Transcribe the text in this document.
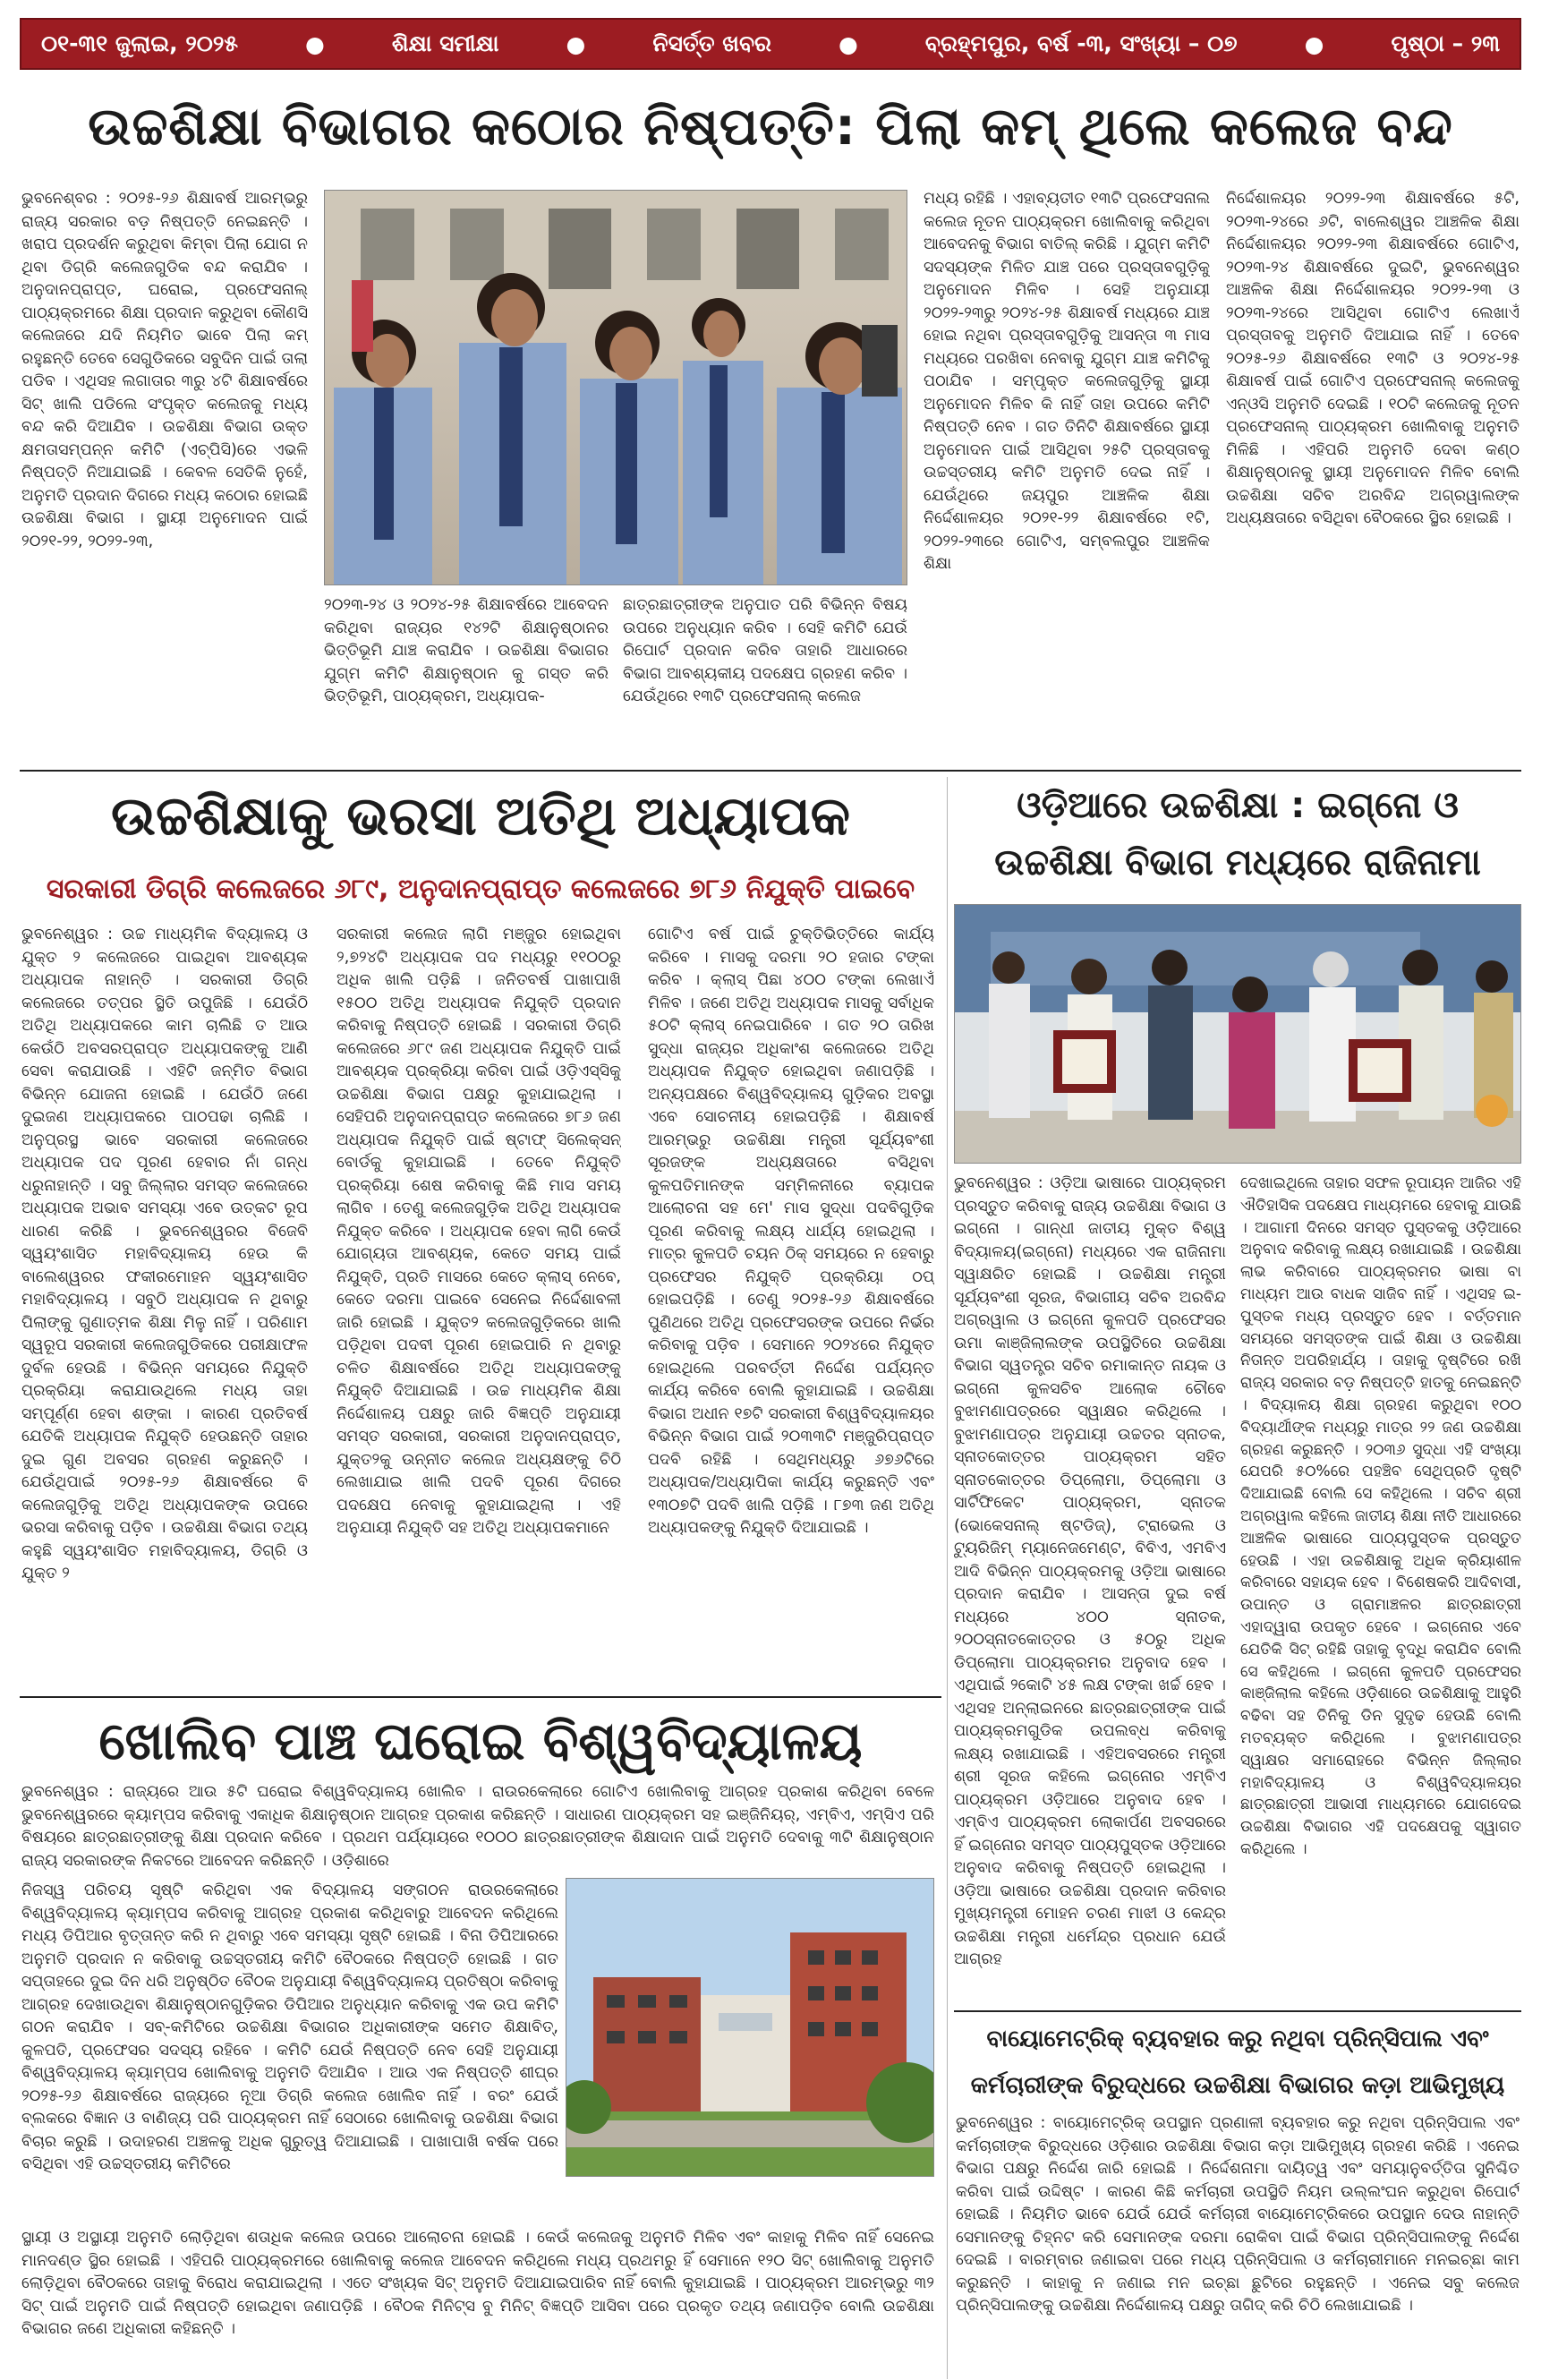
୦୧-୩୧ ଜୁଲାଇ, ୨୦୨୫	●	ଶିକ୍ଷା ସମୀକ୍ଷା	●	ନିସର୍ତ୍ତ ଖବର	●	ବ୍ରହ୍ମପୁର, ବର୍ଷ -୩, ସଂଖ୍ୟା – ୦୭	●	ପୃଷ୍ଠା – ୨୩
ଉଚ୍ଚଶିକ୍ଷା ବିଭାଗର କଠୋର ନିଷ୍ପତ୍ତି: ପିଲା କମ୍ ଥିଲେ କଲେଜ ବନ୍ଦ
ଭୁବନେଶ୍ବର : ୨୦୨୫-୨୬ ଶିକ୍ଷାବର୍ଷ ଆରମ୍ଭରୁ ରାଜ୍ୟ ସରକାର ବଡ଼ ନିଷ୍ପତ୍ତି ନେଇଛନ୍ତି । ଖରାପ ପ୍ରଦର୍ଶନ କରୁଥିବା କିମ୍ବା ପିଲା ଯୋଗ ନ ଥିବା ଡିଗ୍ରି କଲେଜଗୁଡିକ ବନ୍ଦ କରାଯିବ । ଅନୁଦାନପ୍ରାପ୍ତ, ଘରୋଇ, ପ୍ରଫେସନାଲ୍ ପାଠ୍ୟକ୍ରମରେ ଶିକ୍ଷା ପ୍ରଦାନ କରୁଥିବା କୌଣସି କଲେଜରେ ଯଦି ନିୟମିତ ଭାବେ ପିଲା କମ୍ ରହୁଛନ୍ତି ତେବେ ସେଗୁଡିକରେ ସବୁଦିନ ପାଇଁ ତାଲା ପଡିବ । ଏଥିସହ ଲଗାତାର ୩ରୁ ୪ଟି ଶିକ୍ଷାବର୍ଷରେ ସିଟ୍ ଖାଲି ପଡିଲେ ସଂପୃକ୍ତ କଲେଜକୁ ମଧ୍ୟ ବନ୍ଦ କରି ଦିଆଯିବ । ଉଚ୍ଚଶିକ୍ଷା ବିଭାଗ ଉକ୍ତ କ୍ଷମତାସମ୍ପନ୍ନ କମିଟି (ଏଚ୍‌ପିସି)ରେ ଏଭଳି ନିଷ୍ପତ୍ତି ନିଆଯାଇଛି । କେବଳ ସେତିକି ନୁହେଁ, ଅନୁମତି ପ୍ରଦାନ ଦିଗରେ ମଧ୍ୟ କଠୋର ହୋଇଛି ଉଚ୍ଚଶିକ୍ଷା ବିଭାଗ । ସ୍ଥାୟୀ ଅନୁମୋଦନ ପାଇଁ ୨୦୨୧-୨୨, ୨୦୨୨-୨୩,
୨୦୨୩-୨୪ ଓ ୨୦୨୪-୨୫ ଶିକ୍ଷାବର୍ଷରେ ଆବେଦନ କରିଥିବା ରାଜ୍ୟର ୧୪୨ଟି ଶିକ୍ଷାନୁଷ୍ଠାନର ଭିତ୍ତିଭୂମି ଯାଞ୍ଚ କରାଯିବ । ଉଚ୍ଚଶିକ୍ଷା ବିଭାଗର ଯୁଗ୍ମ କମିଟି ଶିକ୍ଷାନୁଷ୍ଠାନ କୁ ଗସ୍ତ କରି ଭିତ୍ତିଭୂମି, ପାଠ୍ୟକ୍ରମ, ଅଧ୍ୟାପକ-
ଛାତ୍ରଛାତ୍ରୀଙ୍କ ଅନୁପାତ ପରି ବିଭିନ୍ନ ବିଷୟ ଉପରେ ଅନୁଧ୍ୟାନ କରିବ । ସେହି କମିଟି ଯେଉଁ ରିପୋର୍ଟ ପ୍ରଦାନ କରିବ ତାହାରି ଆଧାରରେ ବିଭାଗ ଆବଶ୍ୟକୀୟ ପଦକ୍ଷେପ ଗ୍ରହଣ କରିବ । ଯେଉଁଥିରେ ୧୩ଟି ପ୍ରଫେସନାଲ୍ କଲେଜ
ମଧ୍ୟ ରହିଛି । ଏହାବ୍ୟତୀତ ୧୩ଟି ପ୍ରଫେସନାଲ କଲେଜ ନୂତନ ପାଠ୍ୟକ୍ରମ ଖୋଲିବାକୁ କରିଥିବା ଆବେଦନକୁ ବିଭାଗ ବାତିଲ୍ କରିଛି । ଯୁଗ୍ମ କମିଟି ସଦସ୍ୟଙ୍କ ମିଳିତ ଯାଞ୍ଚ ପରେ ପ୍ରସ୍ତାବଗୁଡ଼ିକୁ ଅନୁମୋଦନ ମିଳିବ । ସେହି ଅନୁଯାୟୀ ୨୦୨୨-୨୩ରୁ ୨୦୨୪-୨୫ ଶିକ୍ଷାବର୍ଷ ମଧ୍ୟରେ ଯାଞ୍ଚ ହୋଇ ନଥିବା ପ୍ରସ୍ତାବଗୁଡ଼ିକୁ ଆସନ୍ତା ୩ ମାସ ମଧ୍ୟରେ ପରଖିବା ନେବାକୁ ଯୁଗ୍ମ ଯାଞ୍ଚ କମିଟିକୁ ପଠାଯିବ । ସମ୍ପୃକ୍ତ କଲେଜଗୁଡ଼ିକୁ ସ୍ଥାୟୀ ଅନୁମୋଦନ ମିଳିବ କି ନାହିଁ ତାହା ଉପରେ କମିଟି ନିଷ୍ପତ୍ତି ନେବ । ଗତ ତିନିଟି ଶିକ୍ଷାବର୍ଷରେ ସ୍ଥାୟୀ ଅନୁମୋଦନ ପାଇଁ ଆସିଥିବା ୨୫ଟି ପ୍ରସ୍ତାବକୁ ଉଚ୍ଚସ୍ତରୀୟ କମିଟି ଅନୁମତି ଦେଇ ନାହିଁ । ଯେଉଁଥିରେ ଜୟପୁର ଆଞ୍ଚଳିକ ଶିକ୍ଷା ନିର୍ଦ୍ଦେଶାଳୟର ୨୦୨୧-୨୨ ଶିକ୍ଷାବର୍ଷରେ ୧ଟି, ୨୦୨୨-୨୩ରେ ଗୋଟିଏ, ସମ୍ବଲପୁର ଆଞ୍ଚଳିକ ଶିକ୍ଷା
ନିର୍ଦ୍ଦେଶାଳୟର ୨୦୨୨-୨୩ ଶିକ୍ଷାବର୍ଷରେ ୫ଟି, ୨୦୨୩-୨୪ରେ ୬ଟି, ବାଲେଶ୍ୱର ଆଞ୍ଚଳିକ ଶିକ୍ଷା ନିର୍ଦ୍ଦେଶାଳୟର ୨୦୨୨-୨୩ ଶିକ୍ଷାବର୍ଷରେ ଗୋଟିଏ, ୨୦୨୩-୨୪ ଶିକ୍ଷାବର୍ଷରେ ଦୁଇଟି, ଭୁବନେଶ୍ୱର ଆଞ୍ଚଳିକ ଶିକ୍ଷା ନିର୍ଦ୍ଦେଶାଳୟର ୨୦୨୨-୨୩ ଓ ୨୦୨୩-୨୪ରେ ଆସିଥିବା ଗୋଟିଏ ଲେଖାଏଁ ପ୍ରସ୍ତାବକୁ ଅନୁମତି ଦିଆଯାଇ ନାହିଁ । ତେବେ ୨୦୨୫-୨୬ ଶିକ୍ଷାବର୍ଷରେ ୧୩ଟି ଓ ୨୦୨୪-୨୫ ଶିକ୍ଷାବର୍ଷ ପାଇଁ ଗୋଟିଏ ପ୍ରଫେସନାଲ୍ କଲେଜକୁ ଏନ୍‌ଓସି ଅନୁମତି ଦେଇଛି । ୧୦ଟି କଲେଜକୁ ନୂତନ ପ୍ରଫେସନାଲ୍ ପାଠ୍ୟକ୍ରମ ଖୋଲିବାକୁ ଅନୁମତି ମିଳିଛି । ଏହିପରି ଅନୁମତି ଦେବା କଣ୍ଠ ଶିକ୍ଷାନୁଷ୍ଠାନକୁ ସ୍ଥାୟୀ ଅନୁମୋଦନ ମିଳିବ ବୋଲି ଉଚ୍ଚଶିକ୍ଷା ସଚିବ ଅରବିନ୍ଦ ଅଗ୍ରୱାଲଙ୍କ ଅଧ୍ୟକ୍ଷତାରେ ବସିଥିବା ବୈଠକରେ ସ୍ଥିର ହୋଇଛି ।
ଉଚ୍ଚଶିକ୍ଷାକୁ ଭରସା ଅତିଥି ଅଧ୍ୟାପକ
ସରକାରୀ ଡିଗ୍ରି କଲେଜରେ ୬୮୯, ଅନୁଦାନପ୍ରାପ୍ତ କଲେଜରେ ୭୮୬ ନିଯୁକ୍ତି ପାଇବେ
ଭୁବନେଶ୍ୱର : ଉଚ୍ଚ ମାଧ୍ୟମିକ ବିଦ୍ୟାଳୟ ଓ ଯୁକ୍ତ ୨ କଲେଜରେ ପାଇଥିବା ଆବଶ୍ୟକ ଅଧ୍ୟାପକ ନାହାନ୍ତି । ସରକାରୀ ଡିଗ୍ରି କଲେଜରେ ତତ୍ପର ସ୍ଥିତି ଉପୁଜିଛି । ଯେଉଁଠି ଅତିଥି ଅଧ୍ୟାପକରେ କାମ ଚାଲିଛି ତ ଆଉ କେଉଁଠି ଅବସରପ୍ରାପ୍ତ ଅଧ୍ୟାପକଙ୍କୁ ଆଣି ସେବା କରାଯାଉଛି । ଏହିଟି ଜନ୍ମିତ ବିଭାଗ ବିଭିନ୍ନ ଯୋଜନା ହୋଇଛି । ଯେଉଁଠି ଜଣେ ଦୁଇଜଣ ଅଧ୍ୟାପକରେ ପାଠପଢା ଚାଲିଛି । ଅନୁପ୍ରସ୍ଥ ଭାବେ ସରକାରୀ କଲେଜରେ ଅଧ୍ୟାପକ ପଦ ପୂରଣ ହେବାର ନାଁ ଗନ୍ଧ ଧରୁନାହାନ୍ତି । ସବୁ ଜିଲ୍ଲାର ସମସ୍ତ କଲେଜରେ ଅଧ୍ୟାପକ ଅଭାବ ସମସ୍ୟା ଏବେ ଉତ୍କଟ ରୂପ ଧାରଣ କରିଛି । ଭୁବନେଶ୍ୱରର ବିଜେବି ସ୍ୱୟଂଶାସିତ ମହାବିଦ୍ୟାଳୟ ହେଉ କି ବାଲେଶ୍ୱରର ଫକୀରମୋହନ ସ୍ୱୟଂଶାସିତ ମହାବିଦ୍ୟାଳୟ । ସବୁଠି ଅଧ୍ୟାପକ ନ ଥିବାରୁ ପିଲାଙ୍କୁ ଗୁଣାତ୍ମକ ଶିକ୍ଷା ମିଳୁ ନାହିଁ । ପରିଣାମ ସ୍ୱରୂପ ସରକାରୀ କଲେଜଗୁଡିକରେ ପରୀକ୍ଷାଫଳ ଦୁର୍ବଳ ହେଉଛି । ବିଭିନ୍ନ ସମୟରେ ନିଯୁକ୍ତି ପ୍ରକ୍ରିୟା କରାଯାଉଥିଲେ ମଧ୍ୟ ତାହା ସମ୍ପୂର୍ଣ୍ଣ ହେବା ଶଙ୍କା । କାରଣ ପ୍ରତିବର୍ଷ ଯେତିକି ଅଧ୍ୟାପକ ନିଯୁକ୍ତି ହେଉଛନ୍ତି ତାହାର ଦୁଇ ଗୁଣ ଅବସର ଗ୍ରହଣ କରୁଛନ୍ତି । ଯେଉଁଥିପାଇଁ ୨୦୨୫-୨୬ ଶିକ୍ଷାବର୍ଷରେ ବି କଲେଜଗୁଡ଼ିକୁ ଅତିଥି ଅଧ୍ୟାପକଙ୍କ ଉପରେ ଭରସା କରିବାକୁ ପଡ଼ିବ । ଉଚ୍ଚଶିକ୍ଷା ବିଭାଗ ତଥ୍ୟ କହୁଛି ସ୍ୱୟଂଶାସିତ ମହାବିଦ୍ୟାଳୟ, ଡିଗ୍ରି ଓ ଯୁକ୍ତ ୨
ସରକାରୀ କଲେଜ ଲାଗି ମଞ୍ଜୁର ହୋଇଥିବା ୨,୭୨୪ଟି ଅଧ୍ୟାପକ ପଦ ମଧ୍ୟରୁ ୧୧୦୦ରୁ ଅଧିକ ଖାଲି ପଡ଼ିଛି । ଜନିତବର୍ଷ ପାଖାପାଖି ୧୫୦୦ ଅତିଥି ଅଧ୍ୟାପକ ନିଯୁକ୍ତି ପ୍ରଦାନ କରିବାକୁ ନିଷ୍ପତ୍ତି ହୋଇଛି । ସରକାରୀ ଡିଗ୍ରି କଲେଜରେ ୬୮୯ ଜଣ ଅଧ୍ୟାପକ ନିଯୁକ୍ତି ପାଇଁ ଆବଶ୍ୟକ ପ୍ରକ୍ରିୟା କରିବା ପାଇଁ ଓଡ଼ିଏସ୍‌ସିକୁ ଉଚ୍ଚଶିକ୍ଷା ବିଭାଗ ପକ୍ଷରୁ କୁହାଯାଇଥିଲା । ସେହିପରି ଅନୁଦାନପ୍ରାପ୍ତ କଲେଜରେ ୭୮୬ ଜଣ ଅଧ୍ୟାପକ ନିଯୁକ୍ତି ପାଇଁ ଷ୍ଟାଫ୍ ସିଲେକ୍ସନ୍ ବୋର୍ଡକୁ କୁହାଯାଇଛି । ତେବେ ନିଯୁକ୍ତି ପ୍ରକ୍ରିୟା ଶେଷ କରିବାକୁ କିଛି ମାସ ସମୟ ଲାଗିବ । ତେଣୁ କଲେଜଗୁଡ଼ିକ ଅତିଥି ଅଧ୍ୟାପକ ନିଯୁକ୍ତ କରିବେ । ଅଧ୍ୟାପକ ହେବା ଲାଗି କେଉଁ ଯୋଗ୍ୟତା ଆବଶ୍ୟକ, କେତେ ସମୟ ପାଇଁ ନିଯୁକ୍ତି, ପ୍ରତି ମାସରେ କେତେ କ୍ଲାସ୍ ନେବେ, କେତେ ଦରମା ପାଇବେ ସେନେଇ ନିର୍ଦ୍ଦେଶାବଳୀ ଜାରି ହୋଇଛି । ଯୁକ୍ତ୨ କଲେଜଗୁଡ଼ିକରେ ଖାଲି ପଡ଼ିଥିବା ପଦବୀ ପୂରଣ ହୋଇପାରି ନ ଥିବାରୁ ଚଳିତ ଶିକ୍ଷାବର୍ଷରେ ଅତିଥି ଅଧ୍ୟାପକଙ୍କୁ ନିଯୁକ୍ତି ଦିଆଯାଇଛି । ଉଚ୍ଚ ମାଧ୍ୟମିକ ଶିକ୍ଷା ନିର୍ଦ୍ଦେଶାଳୟ ପକ୍ଷରୁ ଜାରି ବିଜ୍ଞପ୍ତି ଅନୁଯାୟୀ ସମସ୍ତ ସରକାରୀ, ସରକାରୀ ଅନୁଦାନପ୍ରାପ୍ତ, ଯୁକ୍ତ୨କୁ ଉନ୍ନୀତ କଲେଜ ଅଧ୍ୟକ୍ଷଙ୍କୁ ଚିଠି ଲେଖାଯାଇ ଖାଲି ପଦବି ପୂରଣ ଦିଗରେ ପଦକ୍ଷେପ ନେବାକୁ କୁହାଯାଇଥିଲା । ଏହି ଅନୁଯାୟୀ ନିଯୁକ୍ତି ସହ ଅତିଥି ଅଧ୍ୟାପକମାନେ
ଗୋଟିଏ ବର୍ଷ ପାଇଁ ଚୁକ୍ତିଭିତ୍ତିରେ କାର୍ଯ୍ୟ କରିବେ । ମାସକୁ ଦରମା ୨୦ ହଜାର ଟଙ୍କା କରିବ । କ୍ଲାସ୍ ପିଛା ୪୦୦ ଟଙ୍କା ଲେଖାଏଁ ମିଳିବ । ଜଣେ ଅତିଥି ଅଧ୍ୟାପକ ମାସକୁ ସର୍ବାଧିକ ୫୦ଟି କ୍ଲାସ୍ ନେଇପାରିବେ । ଗତ ୨୦ ତାରିଖ ସୁଦ୍ଧା ରାଜ୍ୟର ଅଧିକାଂଶ କଲେଜରେ ଅତିଥି ଅଧ୍ୟାପକ ନିଯୁକ୍ତ ହୋଇଥିବା ଜଣାପଡ଼ିଛି । ଅନ୍ୟପକ୍ଷରେ ବିଶ୍ୱବିଦ୍ୟାଳୟ ଗୁଡ଼ିକର ଅବସ୍ଥା ଏବେ ସୋଚନୀୟ ହୋଇପଡ଼ିଛି । ଶିକ୍ଷାବର୍ଷ ଆରମ୍ଭରୁ ଉଚ୍ଚଶିକ୍ଷା ମନ୍ତ୍ରୀ ସୂର୍ଯ୍ୟବଂଶୀ ସୂରଜଙ୍କ ଅଧ୍ୟକ୍ଷତାରେ ବସିଥିବା କୁଳପତିମାନଙ୍କ ସମ୍ମିଳନୀରେ ବ୍ୟାପକ ଆଲୋଚନା ସହ ମେ' ମାସ ସୁଦ୍ଧା ପଦବିଗୁଡ଼ିକ ପୂରଣ କରିବାକୁ ଲକ୍ଷ୍ୟ ଧାର୍ଯ୍ୟ ହୋଇଥିଲା । ମାତ୍ର କୁଳପତି ଚୟନ ଠିକ୍ ସମୟରେ ନ ହେବାରୁ ପ୍ରଫେସର ନିଯୁକ୍ତି ପ୍ରକ୍ରିୟା ଠପ୍ ହୋଇପଡ଼ିଛି । ତେଣୁ ୨୦୨୫-୨୬ ଶିକ୍ଷାବର୍ଷରେ ପୁଣିଥରେ ଅତିଥି ପ୍ରଫେସରଙ୍କ ଉପରେ ନିର୍ଭର କରିବାକୁ ପଡ଼ିବ । ସେମାନେ ୨୦୨୪ରେ ନିଯୁକ୍ତ ହୋଇଥିଲେ ପରବର୍ତ୍ତୀ ନିର୍ଦ୍ଦେଶ ପର୍ଯ୍ୟନ୍ତ କାର୍ଯ୍ୟ କରିବେ ବୋଲି କୁହାଯାଇଛି । ଉଚ୍ଚଶିକ୍ଷା ବିଭାଗ ଅଧୀନ ୧୭ଟି ସରକାରୀ ବିଶ୍ୱବିଦ୍ୟାଳୟର ବିଭିନ୍ନ ବିଭାଗ ପାଇଁ ୨୦୩୩ଟି ମଞ୍ଜୁରିପ୍ରାପ୍ତ ପଦବି ରହିଛି । ସେଥିମଧ୍ୟରୁ ୬୭୬ଟିରେ ଅଧ୍ୟାପକ/ଅଧ୍ୟାପିକା କାର୍ଯ୍ୟ କରୁଛନ୍ତି ଏବଂ ୧୩୦୭ଟି ପଦବି ଖାଲି ପଡ଼ିଛି । ୮୭୩ ଜଣ ଅତିଥି ଅଧ୍ୟାପକଙ୍କୁ ନିଯୁକ୍ତି ଦିଆଯାଇଛି ।
ଓଡ଼ିଆରେ ଉଚ୍ଚଶିକ୍ଷା : ଇଗ୍ନୋ ଓ
ଉଚ୍ଚଶିକ୍ଷା ବିଭାଗ ମଧ୍ୟରେ ରାଜିନାମା
ଭୁବନେଶ୍ୱର : ଓଡ଼ିଆ ଭାଷାରେ ପାଠ୍ୟକ୍ରମ ପ୍ରସ୍ତୁତ କରିବାକୁ ରାଜ୍ୟ ଉଚ୍ଚଶିକ୍ଷା ବିଭାଗ ଓ ଇଗ୍ନୋ । ଗାନ୍ଧୀ ଜାତୀୟ ମୁକ୍ତ ବିଶ୍ୱ ବିଦ୍ୟାଳୟ(ଇଗ୍ନୋ) ମଧ୍ୟରେ ଏକ ରାଜିନାମା ସ୍ୱାକ୍ଷରିତ ହୋଇଛି । ଉଚ୍ଚଶିକ୍ଷା ମନ୍ତ୍ରୀ ସୂର୍ଯ୍ୟବଂଶୀ ସୂରଜ, ବିଭାଗୀୟ ସଚିବ ଅରବିନ୍ଦ ଅଗ୍ରୱାଲ ଓ ଇଗ୍ନୋ କୁଳପତି ପ୍ରଫେସର ଉମା କାଞ୍ଜିଲାଲଙ୍କ ଉପସ୍ଥିତିରେ ଉଚ୍ଚଶିକ୍ଷା ବିଭାଗ ସ୍ୱତନ୍ତ୍ର ସଚିବ ରମାକାନ୍ତ ନାୟକ ଓ ଇଗ୍ନୋ କୁଳସଚିବ ଆଲୋକ ଚୌବେ ବୁଝାମଣାପତ୍ରରେ ସ୍ୱାକ୍ଷର କରିଥିଲେ । ବୁଝାମଣାପତ୍ର ଅନୁଯାୟୀ ଉଚ୍ଚତର ସ୍ନାତକ, ସ୍ନାତକୋତ୍ତର ପାଠ୍ୟକ୍ରମ ସହିତ ସ୍ନାତକୋତ୍ତର ଡିପ୍ଲୋମା, ଡିପ୍ଲୋମା ଓ ସାର୍ଟିଫିକେଟ ପାଠ୍ୟକ୍ରମ, ସ୍ନାତକ (ଭୋକେସନାଲ୍ ଷ୍ଟଡିଜ୍), ଟ୍ରାଭେଲ ଓ ଟ୍ୟୁରିଜିମ୍ ମ୍ୟାନେଜମେଣ୍ଟ, ବିବିଏ, ଏମବିଏ ଆଦି ବିଭିନ୍ନ ପାଠ୍ୟକ୍ରମକୁ ଓଡ଼ିଆ ଭାଷାରେ ପ୍ରଦାନ କରାଯିବ । ଆସନ୍ତା ଦୁଇ ବର୍ଷ ମଧ୍ୟରେ ୪୦୦ ସ୍ନାତକ, ୨୦୦ସ୍ନାତକୋତ୍ତର ଓ ୫୦ରୁ ଅଧିକ ଡିପ୍ଲୋମା ପାଠ୍ୟକ୍ରମର ଅନୁବାଦ ହେବ । ଏଥିପାଇଁ ୨କୋଟି ୪୫ ଲକ୍ଷ ଟଙ୍କା ଖର୍ଚ୍ଚ ହେବ । ଏଥିସହ ଅନ୍‌ଲାଇନରେ ଛାତ୍ରଛାତ୍ରୀଙ୍କ ପାଇଁ ପାଠ୍ୟକ୍ରମଗୁଡିକ ଉପଲବ୍ଧ କରିବାକୁ ଲକ୍ଷ୍ୟ ରଖାଯାଇଛି । ଏହିଅବସରରେ ମନ୍ତ୍ରୀ ଶ୍ରୀ ସୂରଜ କହିଲେ ଇଗ୍ନୋର ଏମ୍‌ବିଏ ପାଠ୍ୟକ୍ରମ ଓଡ଼ିଆରେ ଅନୁବାଦ ହେବ । ଏମ୍‌ବିଏ ପାଠ୍ୟକ୍ରମ ଲୋକାର୍ପଣ ଅବସରରେ ହିଁ ଇଗ୍ନୋର ସମସ୍ତ ପାଠ୍ୟପୁସ୍ତକ ଓଡ଼ିଆରେ ଅନୁବାଦ କରିବାକୁ ନିଷ୍ପତ୍ତି ହୋଇଥିଲା । ଓଡ଼ିଆ ଭାଷାରେ ଉଚ୍ଚଶିକ୍ଷା ପ୍ରଦାନ କରିବାର ମୁଖ୍ୟମନ୍ତ୍ରୀ ମୋହନ ଚରଣ ମାଝୀ ଓ କେନ୍ଦ୍ର ଉଚ୍ଚଶିକ୍ଷା ମନ୍ତ୍ରୀ ଧର୍ମେନ୍ଦ୍ର ପ୍ରଧାନ ଯେଉଁ ଆଗ୍ରହ
ଦେଖାଇଥିଲେ ତାହାର ସଫଳ ରୂପାୟନ ଆଜିର ଏହି ଐତିହାସିକ ପଦକ୍ଷେପ ମାଧ୍ୟମରେ ହେବାକୁ ଯାଉଛି । ଆଗାମୀ ଦିନରେ ସମସ୍ତ ପୁସ୍ତକକୁ ଓଡ଼ିଆରେ ଅନୁବାଦ କରିବାକୁ ଲକ୍ଷ୍ୟ ରଖାଯାଇଛି । ଉଚ୍ଚଶିକ୍ଷା ଲାଭ କରିବାରେ ପାଠ୍ୟକ୍ରମର ଭାଷା ବା ମାଧ୍ୟମ ଆଉ ବାଧକ ସାଜିବ ନାହିଁ । ଏଥିସହ ଇ-ପୁସ୍ତକ ମଧ୍ୟ ପ୍ରସ୍ତୁତ ହେବ । ବର୍ତ୍ତମାନ ସମୟରେ ସମସ୍ତଙ୍କ ପାଇଁ ଶିକ୍ଷା ଓ ଉଚ୍ଚଶିକ୍ଷା ନିତାନ୍ତ ଅପରିହାର୍ଯ୍ୟ । ତାହାକୁ ଦୃଷ୍ଟିରେ ରଖି ରାଜ୍ୟ ସରକାର ବଡ଼ ନିଷ୍ପତ୍ତି ହାତକୁ ନେଇଛନ୍ତି । ବିଦ୍ୟାଳୟ ଶିକ୍ଷା ଗ୍ରହଣ କରୁଥିବା ୧୦୦ ବିଦ୍ୟାର୍ଥୀଙ୍କ ମଧ୍ୟରୁ ମାତ୍ର ୨୨ ଜଣ ଉଚ୍ଚଶିକ୍ଷା ଗ୍ରହଣ କରୁଛନ୍ତି । ୨୦୩୬ ସୁଦ୍ଧା ଏହି ସଂଖ୍ୟା ଯେପରି ୫୦%ରେ ପହଞ୍ଚିବ ସେଥିପ୍ରତି ଦୃଷ୍ଟି ଦିଆଯାଇଛି ବୋଲି ସେ କହିଥିଲେ । ସଚିବ ଶ୍ରୀ ଅଗ୍ରୱାଲ କହିଲେ ଜାତୀୟ ଶିକ୍ଷା ନୀତି ଆଧାରରେ ଆଞ୍ଚଳିକ ଭାଷାରେ ପାଠ୍ୟପୁସ୍ତକ ପ୍ରସ୍ତୁତ ହେଉଛି । ଏହା ଉଚ୍ଚଶିକ୍ଷାକୁ ଅଧିକ କ୍ରିୟାଶୀଳ କରିବାରେ ସହାୟକ ହେବ । ବିଶେଷକରି ଆଦିବାସୀ, ଉପାନ୍ତ ଓ ଗ୍ରାମାଞ୍ଚଳର ଛାତ୍ରଛାତ୍ରୀ ଏହାଦ୍ୱାରା ଉପକୃତ ହେବେ । ଇଗ୍ନୋର ଏବେ ଯେତିକି ସିଟ୍ ରହିଛି ତାହାକୁ ବୃଦ୍ଧି କରାଯିବ ବୋଲି ସେ କହିଥିଲେ । ଇଗ୍ନୋ କୁଳପତି ପ୍ରଫେସର କାଞ୍ଜିଲାଲ କହିଲେ ଓଡ଼ିଶାରେ ଉଚ୍ଚଶିକ୍ଷାକୁ ଆହୁରି ବଢିବା ସହ ତିନିକୁ ଡିନ ସୁଦୃଢ ହେଉଛି ବୋଲି ମତବ୍ୟକ୍ତ କରିଥିଲେ । ବୁଝାମଣାପତ୍ର ସ୍ୱାକ୍ଷର ସମାରୋହରେ ବିଭିନ୍ନ ଜିଲ୍ଲାର ମହାବିଦ୍ୟାଳୟ ଓ ବିଶ୍ୱବିଦ୍ୟାଳୟର ଛାତ୍ରଛାତ୍ରୀ ଆଭାସୀ ମାଧ୍ୟମରେ ଯୋଗଦେଇ ଉଚ୍ଚଶିକ୍ଷା ବିଭାଗର ଏହି ପଦକ୍ଷେପକୁ ସ୍ୱାଗତ କରିଥିଲେ ।
ଖୋଲିବ ପାଞ୍ଚ ଘରୋଇ ବିଶ୍ୱବିଦ୍ୟାଳୟ
ଭୁବନେଶ୍ୱର : ରାଜ୍ୟରେ ଆଉ ୫ଟି ଘରୋଇ ବିଶ୍ୱବିଦ୍ୟାଳୟ ଖୋଲିବ । ରାଉରକେଲାରେ ଗୋଟିଏ ଖୋଲିବାକୁ ଆଗ୍ରହ ପ୍ରକାଶ କରିଥିବା ବେଳେ ଭୁବନେଶ୍ୱରରେ କ୍ୟାମ୍ପସ କରିବାକୁ ଏକାଧିକ ଶିକ୍ଷାନୁଷ୍ଠାନ ଆଗ୍ରହ ପ୍ରକାଶ କରିଛନ୍ତି । ସାଧାରଣ ପାଠ୍ୟକ୍ରମ ସହ ଇଞ୍ଜିନିୟର୍, ଏମ୍‌ବିଏ, ଏମ୍‌ସିଏ ପରି ବିଷୟରେ ଛାତ୍ରଛାତ୍ରୀଙ୍କୁ ଶିକ୍ଷା ପ୍ରଦାନ କରିବେ । ପ୍ରଥମ ପର୍ଯ୍ୟାୟରେ ୧୦୦୦ ଛାତ୍ରଛାତ୍ରୀଙ୍କ ଶିକ୍ଷାଦାନ ପାଇଁ ଅନୁମତି ଦେବାକୁ ୩ଟି ଶିକ୍ଷାନୁଷ୍ଠାନ ରାଜ୍ୟ ସରକାରଙ୍କ ନିକଟରେ ଆବେଦନ କରିଛନ୍ତି । ଓଡ଼ିଶାରେ
ନିଜସ୍ୱ ପରିଚୟ ସୃଷ୍ଟି କରିଥିବା ଏକ ବିଦ୍ୟାଳୟ ସଙ୍ଗଠନ ରାଉରକେଲାରେ ବିଶ୍ୱବିଦ୍ୟାଳୟ କ୍ୟାମ୍ପସ କରିବାକୁ ଆଗ୍ରହ ପ୍ରକାଶ କରିଥିବାରୁ ଆବେଦନ କରିଥିଲେ ମଧ୍ୟ ଡିପିଆର ବୃତ୍ତାନ୍ତ କରି ନ ଥିବାରୁ ଏବେ ସମସ୍ୟା ସୃଷ୍ଟି ହୋଇଛି । ବିନା ଡିପିଆରରେ ଅନୁମତି ପ୍ରଦାନ ନ କରିବାକୁ ଉଚ୍ଚସ୍ତରୀୟ କମିଟି ବୈଠକରେ ନିଷ୍ପତ୍ତି ହୋଇଛି । ଗତ ସପ୍ତାହରେ ଦୁଇ ଦିନ ଧରି ଅନୁଷ୍ଠିତ ବୈଠକ ଅନୁଯାୟୀ ବିଶ୍ୱବିଦ୍ୟାଳୟ ପ୍ରତିଷ୍ଠା କରିବାକୁ ଆଗ୍ରହ ଦେଖାଉଥିବା ଶିକ୍ଷାନୁଷ୍ଠାନଗୁଡ଼ିକର ଡିପିଆର ଅନୁଧ୍ୟାନ କରିବାକୁ ଏକ ଉପ କମିଟି ଗଠନ କରାଯିବ । ସବ୍-କମିଟିରେ ଉଚ୍ଚଶିକ୍ଷା ବିଭାଗର ଅଧିକାରୀଙ୍କ ସମେତ ଶିକ୍ଷାବିତ୍, କୁଳପତି, ପ୍ରଫେସର ସଦସ୍ୟ ରହିବେ । କମିଟି ଯେଉଁ ନିଷ୍ପତ୍ତି ନେବ ସେହି ଅନୁଯାୟୀ ବିଶ୍ୱବିଦ୍ୟାଳୟ କ୍ୟାମ୍ପସ ଖୋଲିବାକୁ ଅନୁମତି ଦିଆଯିବ । ଆଉ ଏକ ନିଷ୍ପତ୍ତି ଶୀଘ୍ର ୨୦୨୫-୨୬ ଶିକ୍ଷାବର୍ଷରେ ରାଜ୍ୟରେ ନୂଆ ଡିଗ୍ରି କଲେଜ ଖୋଲିବ ନାହିଁ । ବରଂ ଯେଉଁ ବ୍ଲକରେ ବିଜ୍ଞାନ ଓ ବାଣିଜ୍ୟ ପରି ପାଠ୍ୟକ୍ରମ ନାହିଁ ସେଠାରେ ଖୋଲିବାକୁ ଉଚ୍ଚଶିକ୍ଷା ବିଭାଗ ବିଚାର କରୁଛି । ଉଦାହରଣ ଅଞ୍ଚଳକୁ ଅଧିକ ଗୁରୁତ୍ୱ ଦିଆଯାଇଛି । ପାଖାପାଖି ବର୍ଷକ ପରେ ବସିଥିବା ଏହି ଉଚ୍ଚସ୍ତରୀୟ କମିଟିରେ
ସ୍ଥାୟୀ ଓ ଅସ୍ଥାୟୀ ଅନୁମତି ଲୋଡ଼ିଥିବା ଶତାଧିକ କଲେଜ ଉପରେ ଆଲୋଚନା ହୋଇଛି । କେଉଁ କଲେଜକୁ ଅନୁମତି ମିଳିବ ଏବଂ କାହାକୁ ମିଳିବ ନାହିଁ ସେନେଇ ମାନଦଣ୍ଡ ସ୍ଥିର ହୋଇଛି । ଏହିପରି ପାଠ୍ୟକ୍ରମରେ ଖୋଲିବାକୁ କଲେଜ ଆବେଦନ କରିଥିଲେ ମଧ୍ୟ ପ୍ରଥମରୁ ହିଁ ସେମାନେ ୧୨୦ ସିଟ୍ ଖୋଲିବାକୁ ଅନୁମତି ଲୋଡ଼ିଥିବା ବୈଠକରେ ତାହାକୁ ବିରୋଧ କରାଯାଇଥିଲା । ଏତେ ସଂଖ୍ୟକ ସିଟ୍ ଅନୁମତି ଦିଆଯାଇପାରିବ ନାହିଁ ବୋଲି କୁହାଯାଇଛି । ପାଠ୍ୟକ୍ରମ ଆରମ୍ଭରୁ ୩୨ ସିଟ୍ ପାଇଁ ଅନୁମତି ପାଇଁ ନିଷ୍ପତ୍ତି ହୋଇଥିବା ଜଣାପଡ଼ିଛି । ବୈଠକ ମିନିଟ୍ସ ବୁ ମିନିଟ୍ ବିଜ୍ଞପ୍ତି ଆସିବା ପରେ ପ୍ରକୃତ ତଥ୍ୟ ଜଣାପଡ଼ିବ ବୋଲି ଉଚ୍ଚଶିକ୍ଷା ବିଭାଗର ଜଣେ ଅଧିକାରୀ କହିଛନ୍ତି ।
ବାୟୋମେଟ୍ରିକ୍ ବ୍ୟବହାର କରୁ ନଥିବା ପ୍ରିନ୍ସିପାଲ ଏବଂ
କର୍ମଚାରୀଙ୍କ ବିରୁଦ୍ଧରେ ଉଚ୍ଚଶିକ୍ଷା ବିଭାଗର କଡ଼ା ଆଭିମୁଖ୍ୟ
ଭୁବନେଶ୍ୱର : ବାୟୋମେଟ୍ରିକ୍ ଉପସ୍ଥାନ ପ୍ରଣାଳୀ ବ୍ୟବହାର କରୁ ନଥିବା ପ୍ରିନ୍ସିପାଲ ଏବଂ କର୍ମଚାରୀଙ୍କ ବିରୁଦ୍ଧରେ ଓଡ଼ିଶାର ଉଚ୍ଚଶିକ୍ଷା ବିଭାଗ କଡ଼ା ଆଭିମୁଖ୍ୟ ଗ୍ରହଣ କରିଛି । ଏନେଇ ବିଭାଗ ପକ୍ଷରୁ ନିର୍ଦ୍ଦେଶ ଜାରି ହୋଇଛି । ନିର୍ଦ୍ଦେଶନାମା ଦାୟିତ୍ୱ ଏବଂ ସମୟାନୁବର୍ତ୍ତିତା ସୁନିଶ୍ଚିତ କରିବା ପାଇଁ ଉଦ୍ଦିଷ୍ଟ । କାରଣ କିଛି କର୍ମଚାରୀ ଉପସ୍ଥିତି ନିୟମ ଉଲ୍ଲଂଘନ କରୁଥିବା ରିପୋର୍ଟ ହୋଇଛି । ନିୟମିତ ଭାବେ ଯେଉଁ ଯେଉଁ କର୍ମଚାରୀ ବାୟୋମେଟ୍ରିକରେ ଉପସ୍ଥାନ ଦେଉ ନାହାନ୍ତି ସେମାନଙ୍କୁ ଚିହ୍ନଟ କରି ସେମାନଙ୍କ ଦରମା ରୋକିବା ପାଇଁ ବିଭାଗ ପ୍ରିନ୍ସିପାଲଙ୍କୁ ନିର୍ଦ୍ଦେଶ ଦେଇଛି । ବାରମ୍ବାର ଜଣାଇବା ପରେ ମଧ୍ୟ ପ୍ରିନ୍ସିପାଲ ଓ କର୍ମଚାରୀମାନେ ମନଇଚ୍ଛା କାମ କରୁଛନ୍ତି । କାହାକୁ ନ ଜଣାଇ ମନ ଇଚ୍ଛା ଛୁଟିରେ ରହୁଛନ୍ତି । ଏନେଇ ସବୁ କଲେଜ ପ୍ରିନ୍ସିପାଲଙ୍କୁ ଉଚ୍ଚଶିକ୍ଷା ନିର୍ଦ୍ଦେଶାଳୟ ପକ୍ଷରୁ ତାଗିଦ୍ କରି ଚିଠି ଲେଖାଯାଇଛି ।
